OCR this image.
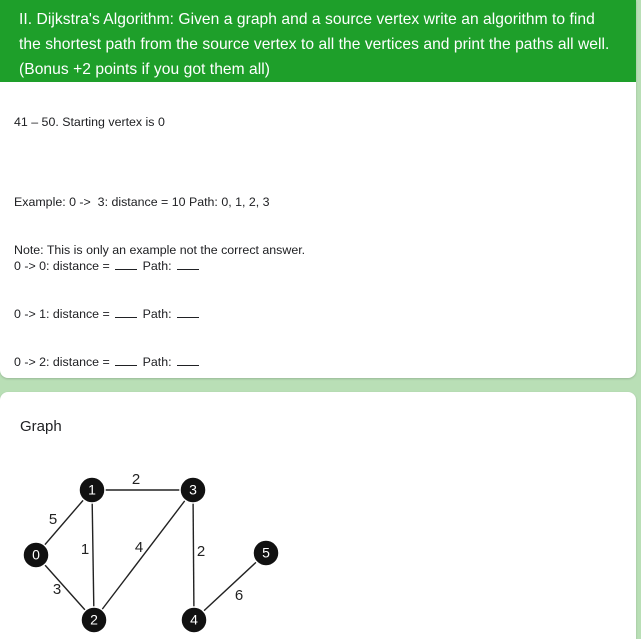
II. Dijkstra's Algorithm: Given a graph and a source vertex write an algorithm to find the shortest path from the source vertex to all the vertices and print the paths all well. (Bonus +2 points if you got them all)
41 – 50. Starting vertex is 0

Example: 0 ->  3: distance = 10 Path: 0, 1, 2, 3

Note: This is only an example not the correct answer.

0 -> 0: distance =  Path:

0 -> 1: distance =  Path:

0 -> 2: distance =  Path:

Graph
5
3
1
2
4	2
6
0
1
2
3
4
5
